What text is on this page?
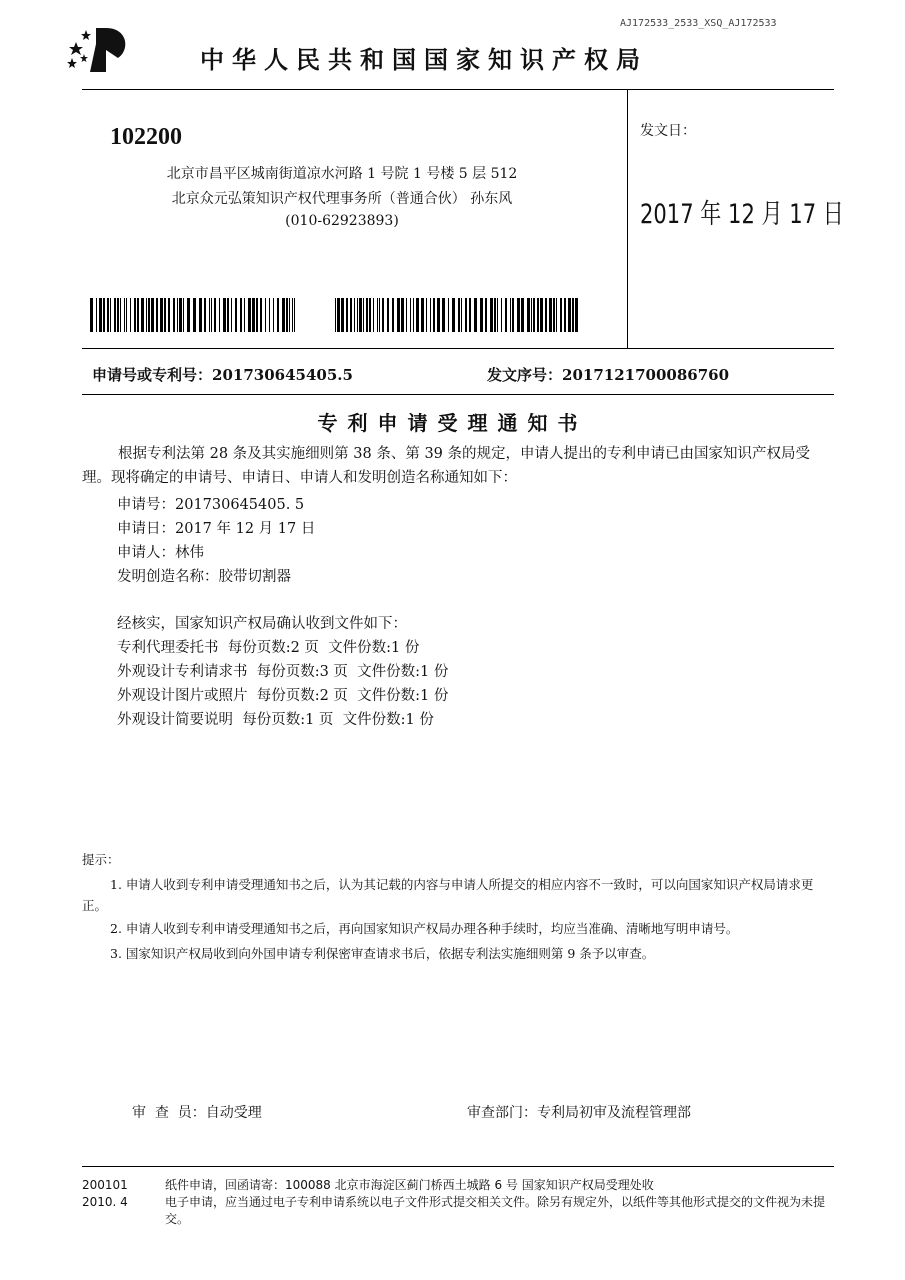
AJ172533_2533_XSQ_AJ172533
中华人民共和国国家知识产权局
102200
北京市昌平区城南街道凉水河路 1 号院 1 号楼 5 层 512
北京众元弘策知识产权代理事务所（普通合伙） 孙东风
(010-62923893)
发文日：
2017 年 12 月 17 日
申请号或专利号：201730645405.5	发文序号：2017121700086760
专利申请受理通知书

根据专利法第 28 条及其实施细则第 38 条、第 39 条的规定，申请人提出的专利申请已由国家知识产权局受理。现将确定的申请号、申请日、申请人和发明创造名称通知如下：

申请号：201730645405. 5
申请日：2017 年 12 月 17 日
申请人：林伟
发明创造名称：胶带切割器
经核实，国家知识产权局确认收到文件如下：
专利代理委托书  每份页数:2 页  文件份数:1 份
外观设计专利请求书  每份页数:3 页  文件份数:1 份
外观设计图片或照片  每份页数:2 页  文件份数:1 份
外观设计简要说明  每份页数:1 页  文件份数:1 份
提示：

1. 申请人收到专利申请受理通知书之后，认为其记载的内容与申请人所提交的相应内容不一致时，可以向国家知识产权局请求更正。

2. 申请人收到专利申请受理通知书之后，再向国家知识产权局办理各种手续时，均应当准确、清晰地写明申请号。

3. 国家知识产权局收到向外国申请专利保密审查请求书后，依据专利法实施细则第 9 条予以审查。

审  查  员：自动受理	审查部门：专利局初审及流程管理部
200101
2010. 4
纸件申请，回函请寄：100088 北京市海淀区蓟门桥西土城路 6 号 国家知识产权局受理处收
电子申请，应当通过电子专利申请系统以电子文件形式提交相关文件。除另有规定外，以纸件等其他形式提交的文件视为未提交。
